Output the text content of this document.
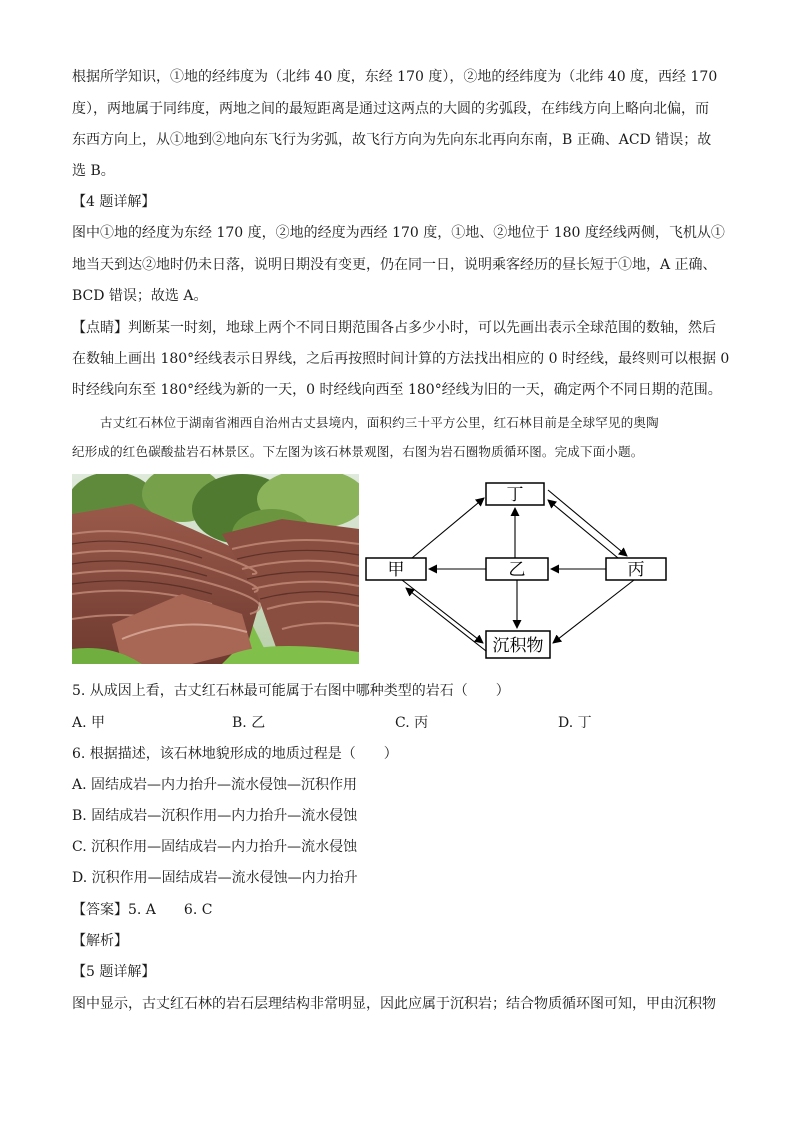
根据所学知识，①地的经纬度为（北纬 40 度，东经 170 度），②地的经纬度为（北纬 40 度，西经 170
度），两地属于同纬度，两地之间的最短距离是通过这两点的大圆的劣弧段，在纬线方向上略向北偏，而
东西方向上，从①地到②地向东飞行为劣弧，故飞行方向为先向东北再向东南，B 正确、ACD 错误；故
选 B。
【4 题详解】
图中①地的经度为东经 170 度，②地的经度为西经 170 度，①地、②地位于 180 度经线两侧，飞机从①
地当天到达②地时仍未日落，说明日期没有变更，仍在同一日，说明乘客经历的昼长短于①地，A 正确、
BCD 错误；故选 A。
【点睛】判断某一时刻，地球上两个不同日期范围各占多少小时，可以先画出表示全球范围的数轴，然后
在数轴上画出 180°经线表示日界线，之后再按照时间计算的方法找出相应的 0 时经线，最终则可以根据 0
时经线向东至 180°经线为新的一天，0 时经线向西至 180°经线为旧的一天，确定两个不同日期的范围。
古丈红石林位于湖南省湘西自治州古丈县境内，面积约三十平方公里，红石林目前是全球罕见的奥陶
纪形成的红色碳酸盐岩石林景区。下左图为该石林景观图，右图为岩石圈物质循环图。完成下面小题。
丁
甲	乙	丙
沉积物
5. 从成因上看，古丈红石林最可能属于右图中哪种类型的岩石（　　）
A. 甲	B. 乙	C. 丙	D. 丁
6. 根据描述，该石林地貌形成的地质过程是（　　）
A. 固结成岩—内力抬升—流水侵蚀—沉积作用
B. 固结成岩—沉积作用—内力抬升—流水侵蚀
C. 沉积作用—固结成岩—内力抬升—流水侵蚀
D. 沉积作用—固结成岩—流水侵蚀—内力抬升
【答案】5. A　　6. C
【解析】
【5 题详解】
图中显示，古丈红石林的岩石层理结构非常明显，因此应属于沉积岩；结合物质循环图可知，甲由沉积物
